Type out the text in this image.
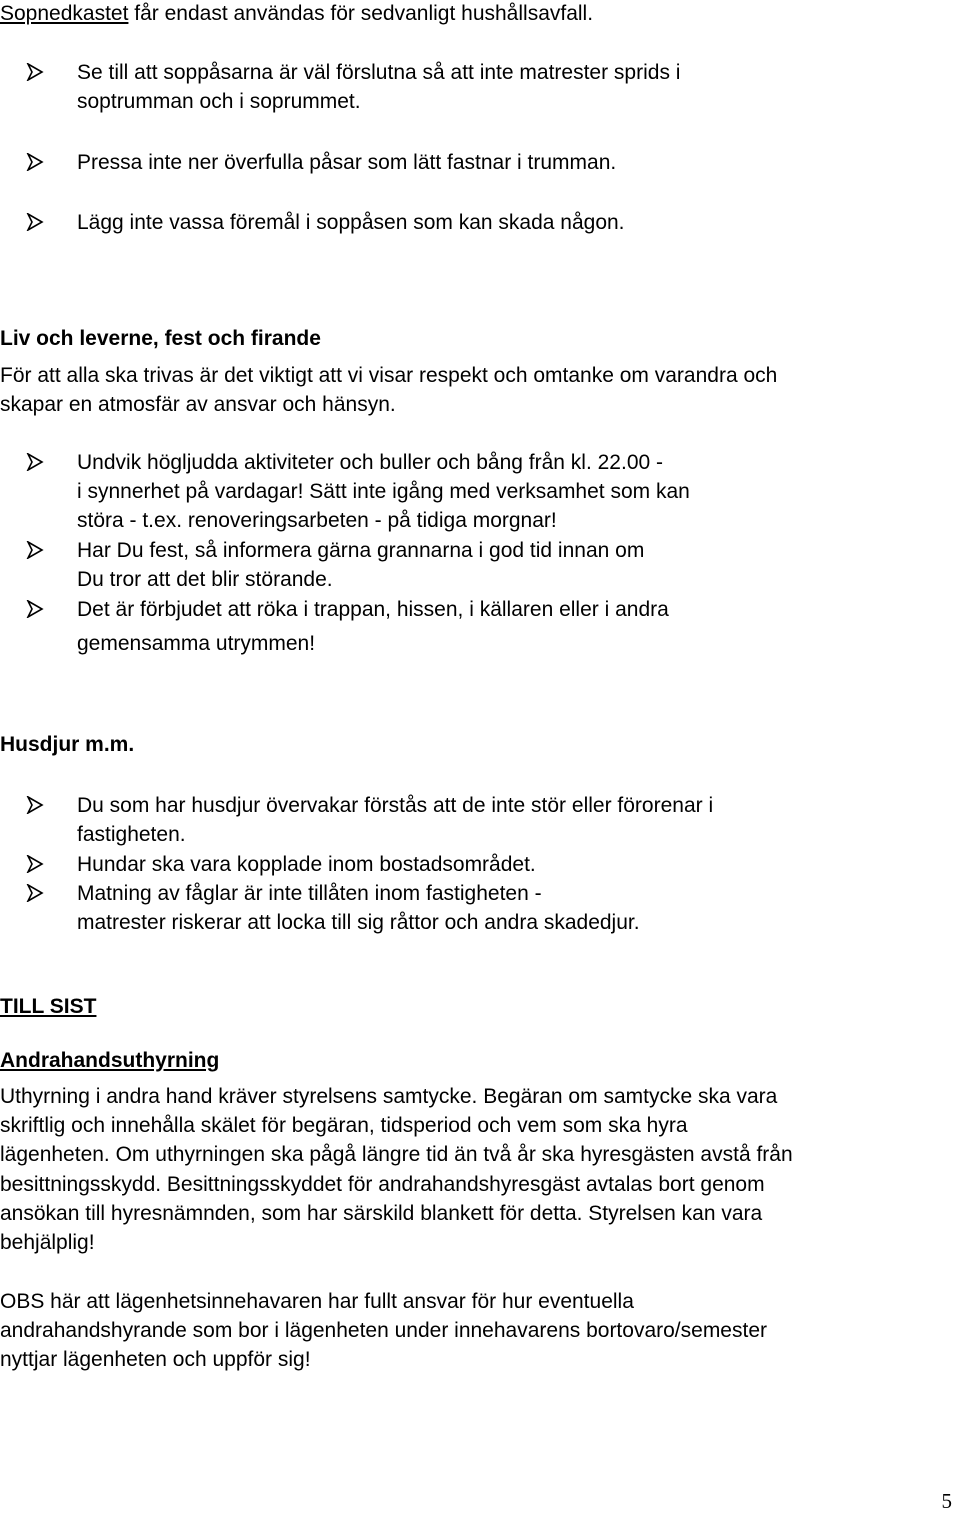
Sopnedkastet får endast användas för sedvanligt hushållsavfall.
Se till att soppåsarna är väl förslutna så att inte matrester sprids i
soptrumman och i soprummet.
Pressa inte ner överfulla påsar som lätt fastnar i trumman.
Lägg inte vassa föremål i soppåsen som kan skada någon.
Liv och leverne, fest och firande
För att alla ska trivas är det viktigt att vi visar respekt och omtanke om varandra och
skapar en atmosfär av ansvar och hänsyn.
Undvik högljudda aktiviteter och buller och bång från kl. 22.00 -
i synnerhet på vardagar! Sätt inte igång med verksamhet som kan
störa - t.ex. renoveringsarbeten - på tidiga morgnar!
Har Du fest, så informera gärna grannarna i god tid innan om
Du tror att det blir störande.
Det är förbjudet att röka i trappan, hissen, i källaren eller i andra
gemensamma utrymmen!
Husdjur m.m.
Du som har husdjur övervakar förstås att de inte stör eller förorenar i
fastigheten.
Hundar ska vara kopplade inom bostadsområdet.
Matning av fåglar är inte tillåten inom fastigheten -
matrester riskerar att locka till sig råttor och andra skadedjur.
TILL SIST
Andrahandsuthyrning
Uthyrning i andra hand kräver styrelsens samtycke. Begäran om samtycke ska vara
skriftlig och innehålla skälet för begäran, tidsperiod och vem som ska hyra
lägenheten. Om uthyrningen ska pågå längre tid än två år ska hyresgästen avstå från
besittningsskydd. Besittningsskyddet för andrahandshyresgäst avtalas bort genom
ansökan till hyresnämnden, som har särskild blankett för detta. Styrelsen kan vara
behjälplig!
OBS här att lägenhetsinnehavaren har fullt ansvar för hur eventuella
andrahandshyrande som bor i lägenheten under innehavarens bortovaro/semester
nyttjar lägenheten och uppför sig!
5
